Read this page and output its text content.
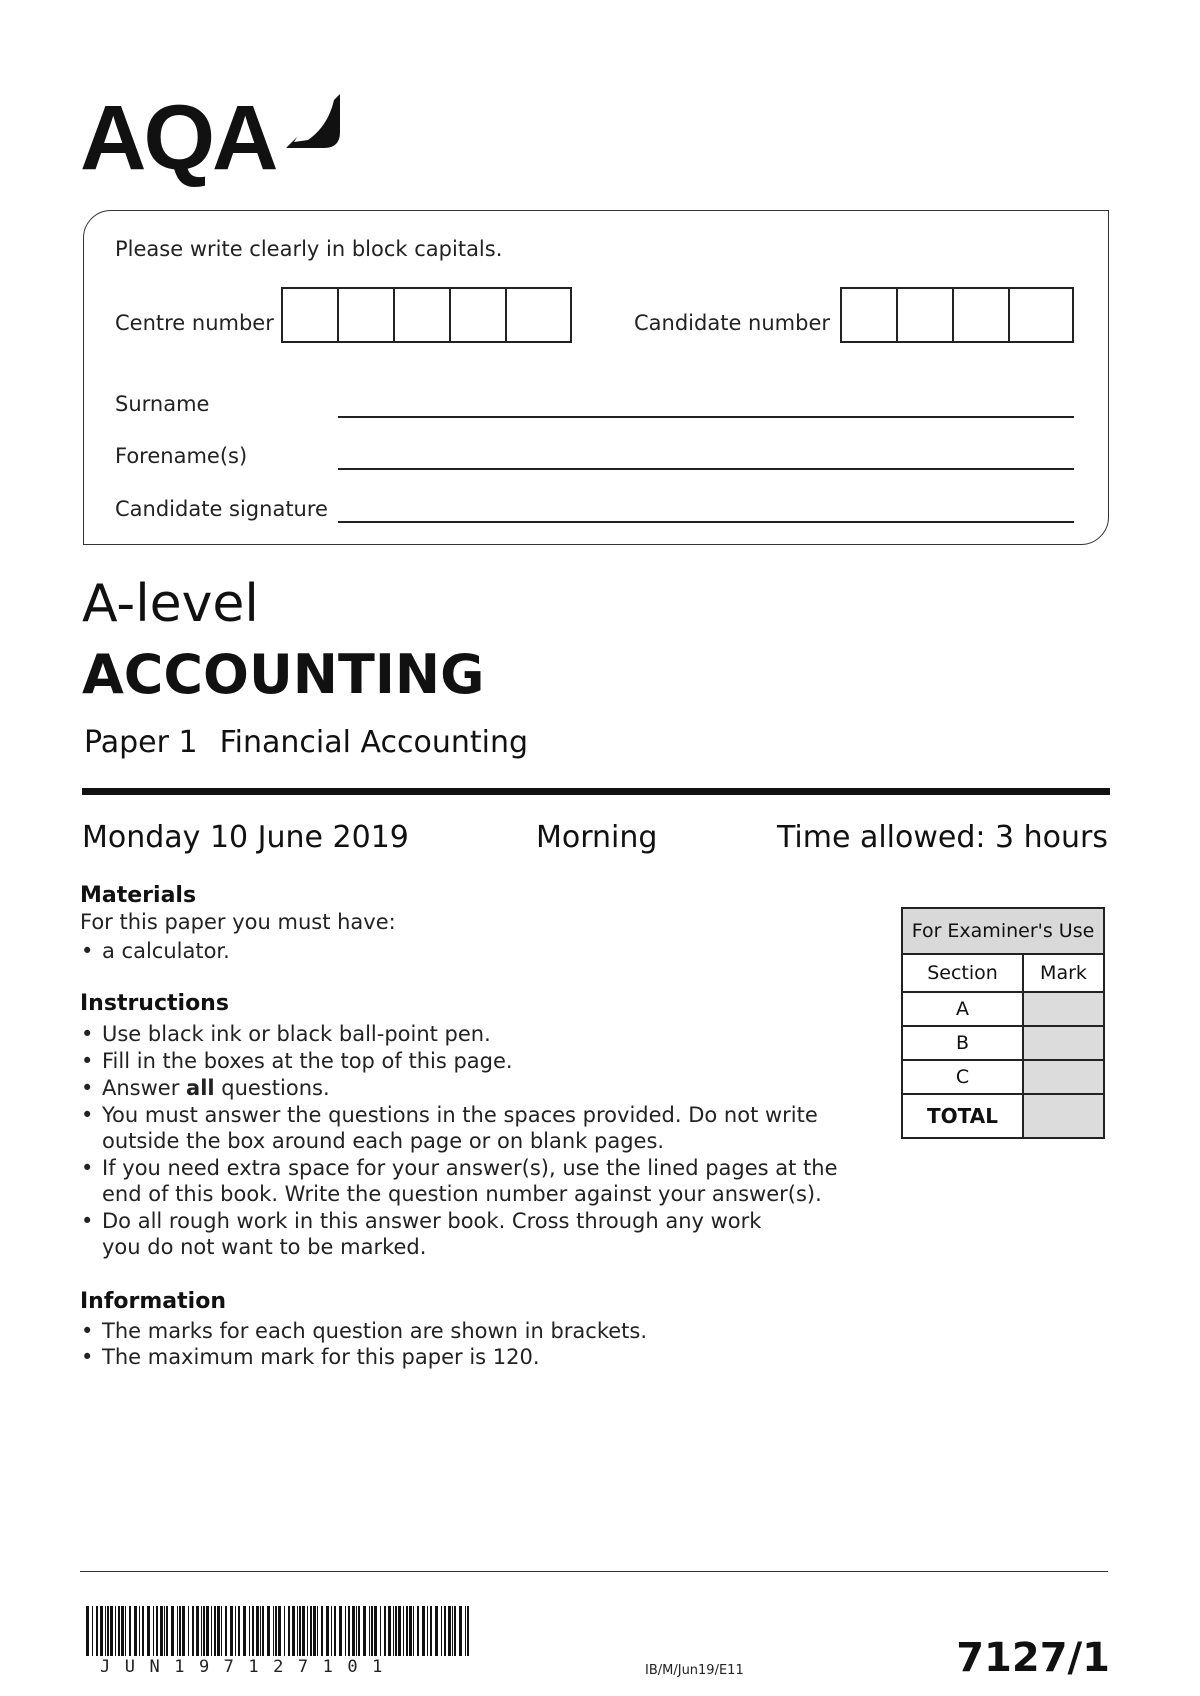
AQA
Please write clearly in block capitals.
Centre number	Candidate number
Surname
Forename(s)
Candidate signature
A-level
ACCOUNTING
Paper 1 Financial Accounting
Monday 10 June 2019	Morning	Time allowed: 3 hours
Materials
For this paper you must have:
• a calculator.
Instructions
• Use black ink or black ball-point pen.
• Fill in the boxes at the top of this page.
• Answer all questions.
• You must answer the questions in the spaces provided. Do not write outside the box around each page or on blank pages.
• If you need extra space for your answer(s), use the lined pages at the end of this book. Write the question number against your answer(s).
• Do all rough work in this answer book. Cross through any work you do not want to be marked.
Information
• The marks for each question are shown in brackets.
• The maximum mark for this paper is 120.
For Examiner's Use	
Section	Mark
A	
B	
C	
TOTAL	
JUN197127101	IB/M/Jun19/E11	7127/1
